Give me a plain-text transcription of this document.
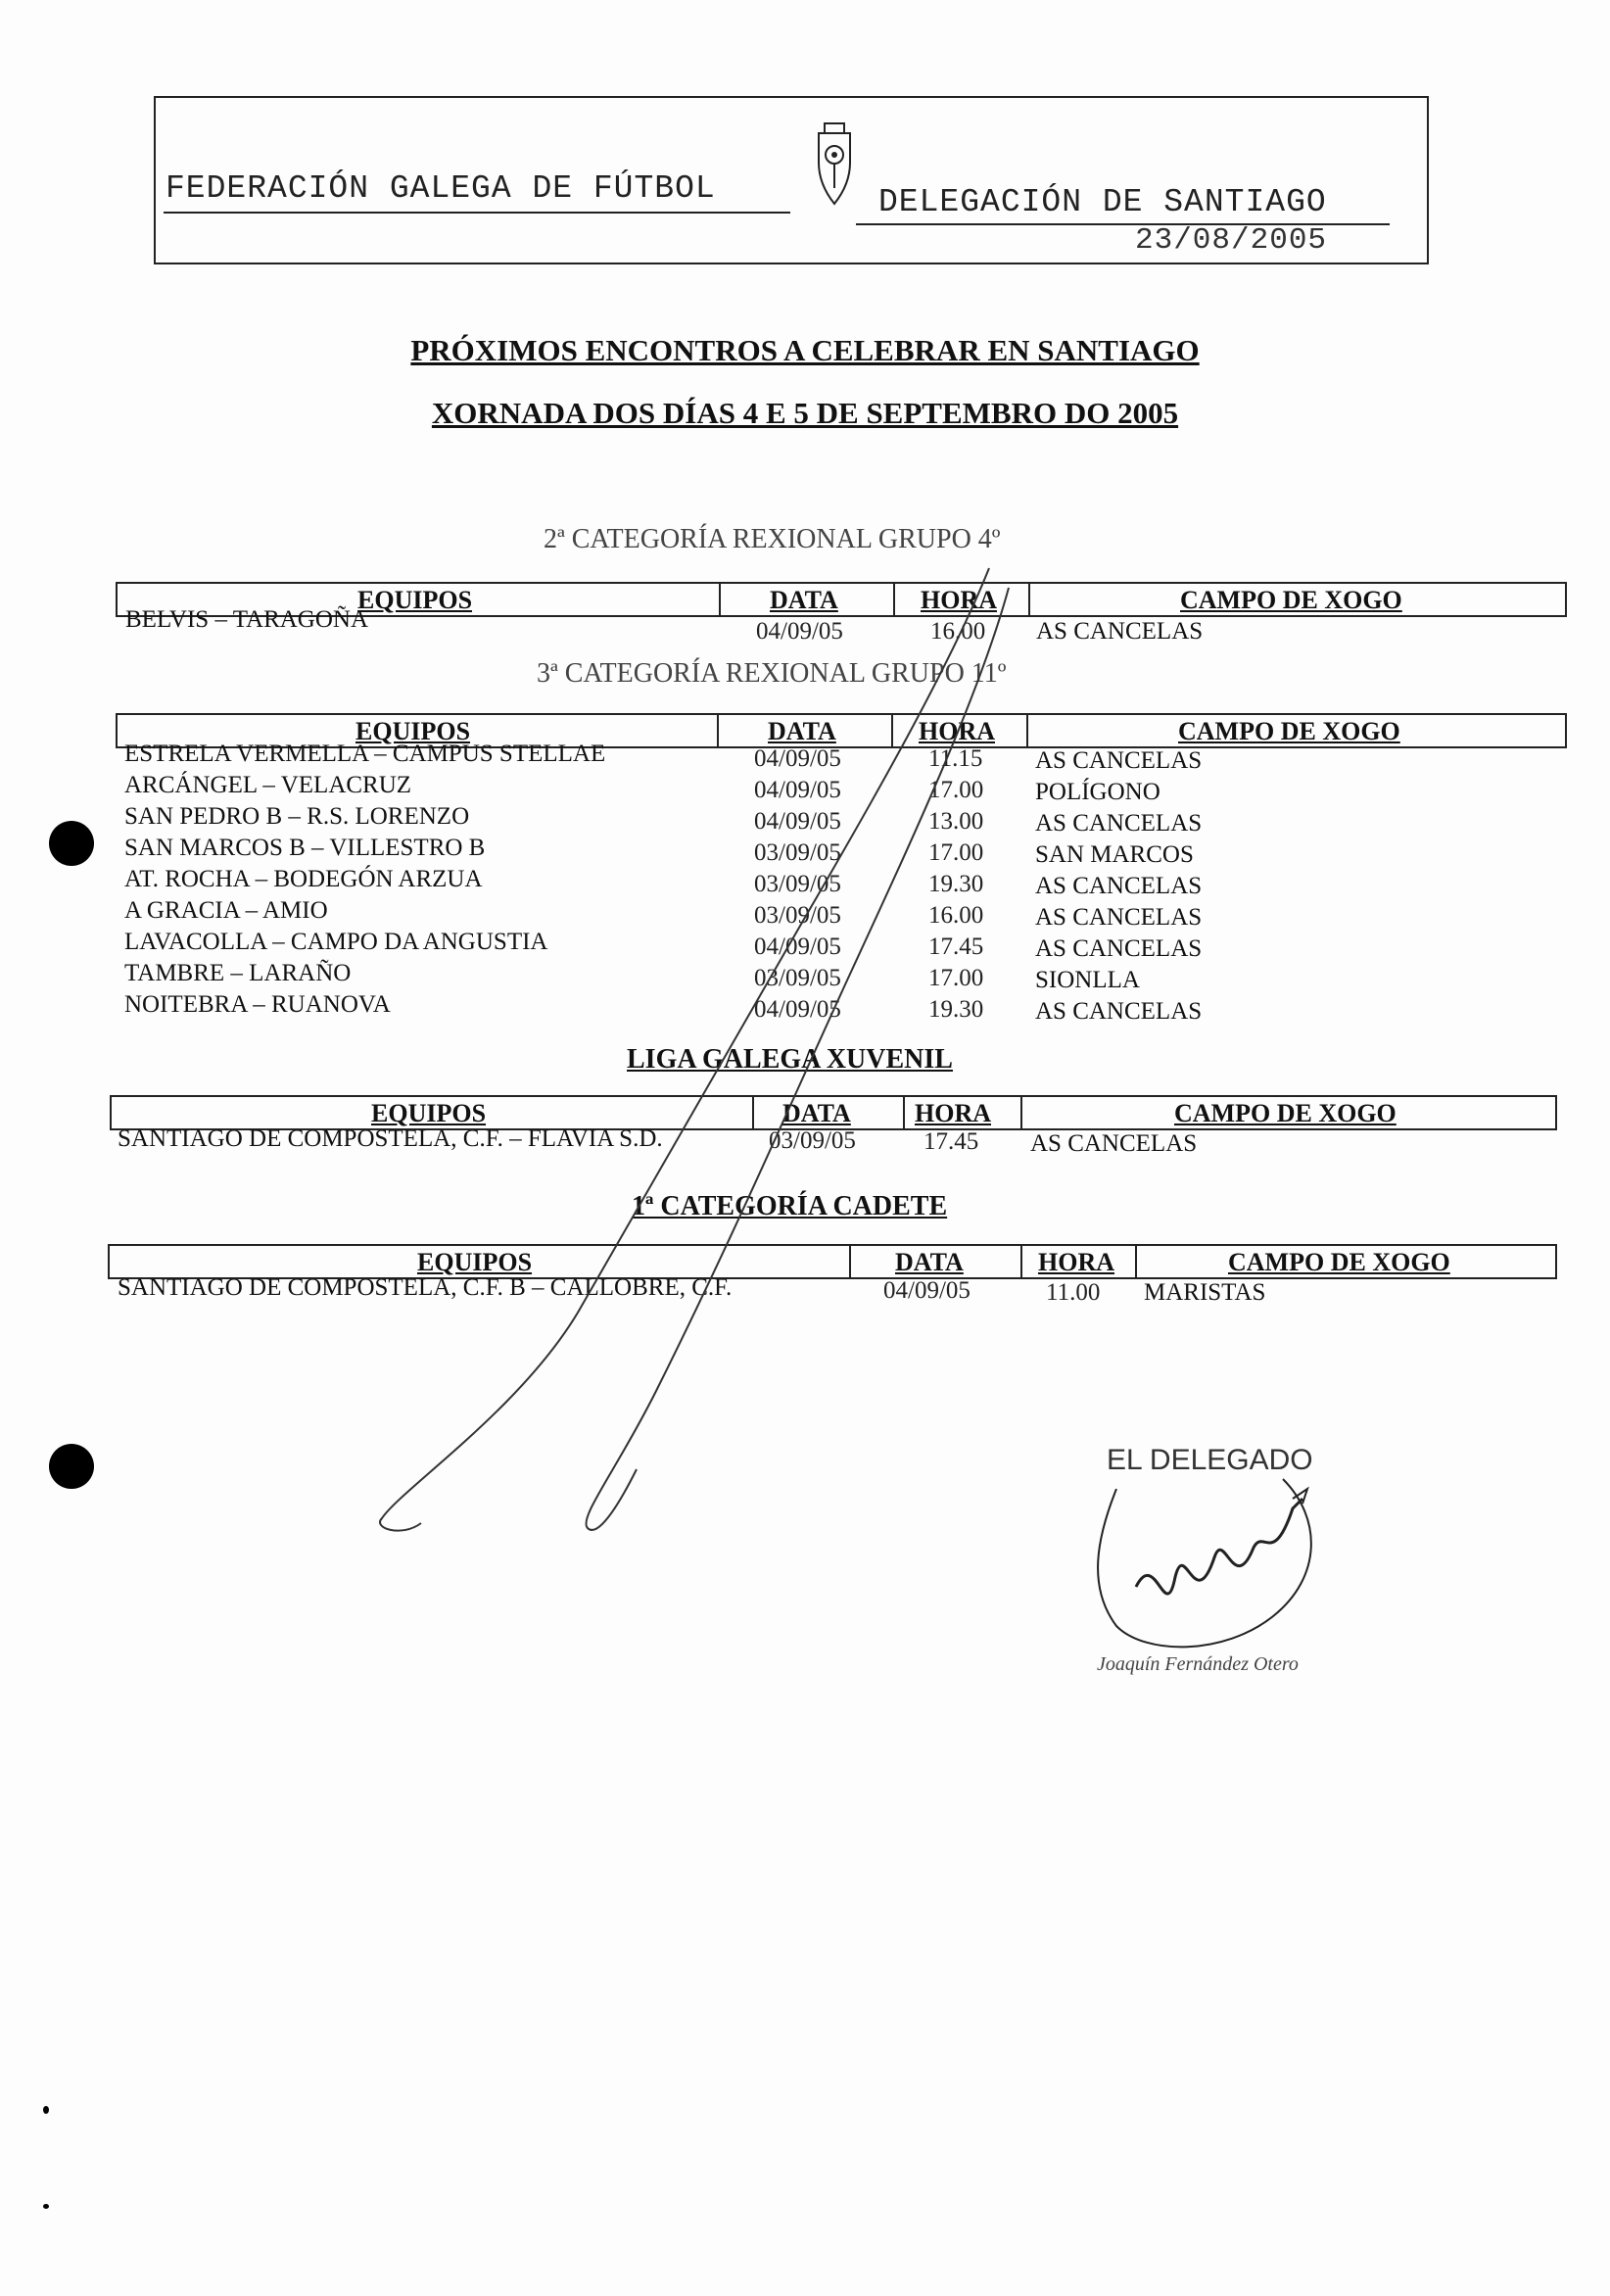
FEDERACIÓN GALEGA DE FÚTBOL	DELEGACIÓN DE SANTIAGO
23/08/2005
PRÓXIMOS ENCONTROS A CELEBRAR EN SANTIAGO
XORNADA DOS DÍAS 4 E 5 DE SEPTEMBRO DO 2005
2ª CATEGORÍA REXIONAL GRUPO 4º
EQUIPOS	DATA	HORA	CAMPO DE XOGO
BELVIS – TARAGOÑA	04/09/05	16.00 AS CANCELAS
3ª CATEGORÍA REXIONAL GRUPO 11º
EQUIPOS	DATA	HORA	CAMPO DE XOGO
ESTRELA VERMELLA – CAMPUS STELLAE	04/09/05	11.15 AS CANCELAS
ARCÁNGEL – VELACRUZ	04/09/05	17.00 POLÍGONO
SAN PEDRO B – R.S. LORENZO	04/09/05	13.00 AS CANCELAS
SAN MARCOS B – VILLESTRO B	03/09/05	17.00 SAN MARCOS
AT. ROCHA – BODEGÓN ARZUA	03/09/05	19.30 AS CANCELAS
A GRACIA – AMIO	03/09/05	16.00 AS CANCELAS
LAVACOLLA – CAMPO DA ANGUSTIA	04/09/05	17.45 AS CANCELAS
TAMBRE – LARAÑO	03/09/05	17.00 SIONLLA
NOITEBRA – RUANOVA	04/09/05	19.30 AS CANCELAS
LIGA GALEGA XUVENIL
EQUIPOS	DATA	HORA	CAMPO DE XOGO
SANTIAGO DE COMPOSTELA, C.F. – FLAVIA S.D.	03/09/05	17.45 AS CANCELAS
1ª CATEGORÍA CADETE
EQUIPOS	DATA	HORA	CAMPO DE XOGO
SANTIAGO DE COMPOSTELA, C.F. B – CALLOBRE, C.F.	04/09/05	11.00 MARISTAS
EL DELEGADO
Joaquín Fernández Otero
